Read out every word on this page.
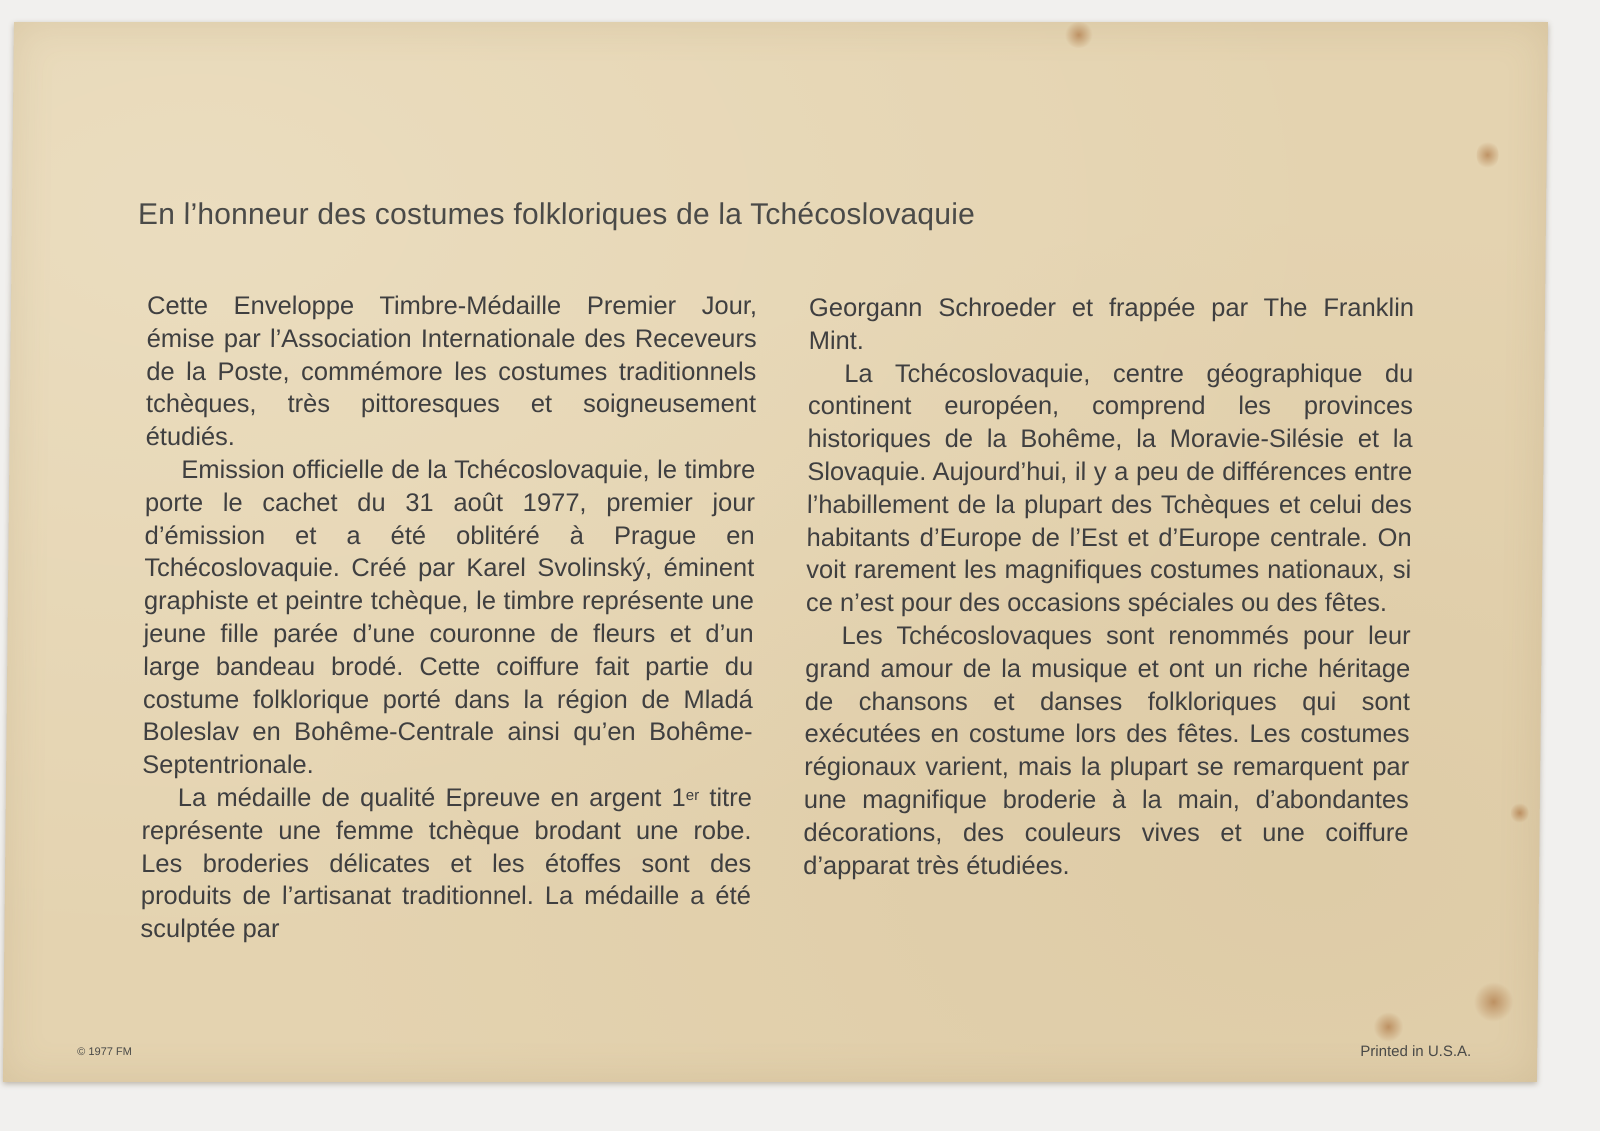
En l’honneur des costumes folkloriques de la Tchécoslovaquie

Cette Enveloppe Timbre-Médaille Premier Jour, émise par l’Association Internationale des Receveurs de la Poste, commémore les costumes traditionnels tchèques, très pittoresques et soigneusement étudiés.

Emission officielle de la Tchécoslovaquie, le timbre porte le cachet du 31 août 1977, premier jour d’émission et a été oblitéré à Prague en Tchécoslovaquie. Créé par Karel Svolinský, éminent graphiste et peintre tchèque, le timbre représente une jeune fille parée d’une couronne de fleurs et d’un large bandeau brodé. Cette coiffure fait partie du costume folklorique porté dans la région de Mladá Boleslav en Bohême-Centrale ainsi qu’en Bohême-Septentrionale.

La médaille de qualité Epreuve en argent 1er titre représente une femme tchèque brodant une robe. Les broderies délicates et les étoffes sont des produits de l’artisanat traditionnel. La médaille a été sculptée par

Georgann Schroeder et frappée par The Franklin Mint.

La Tchécoslovaquie, centre géographique du continent européen, comprend les provinces historiques de la Bohême, la Moravie-Silésie et la Slovaquie. Aujourd’hui, il y a peu de différences entre l’habillement de la plupart des Tchèques et celui des habitants d’Europe de l’Est et d’Europe centrale. On voit rarement les magnifiques costumes nationaux, si ce n’est pour des occasions spéciales ou des fêtes.

Les Tchécoslovaques sont renommés pour leur grand amour de la musique et ont un riche héritage de chansons et danses folkloriques qui sont exécutées en costume lors des fêtes. Les costumes régionaux varient, mais la plupart se remarquent par une magnifique broderie à la main, d’abondantes décorations, des couleurs vives et une coiffure d’apparat très étudiées.

© 1977 FM	Printed in U.S.A.
